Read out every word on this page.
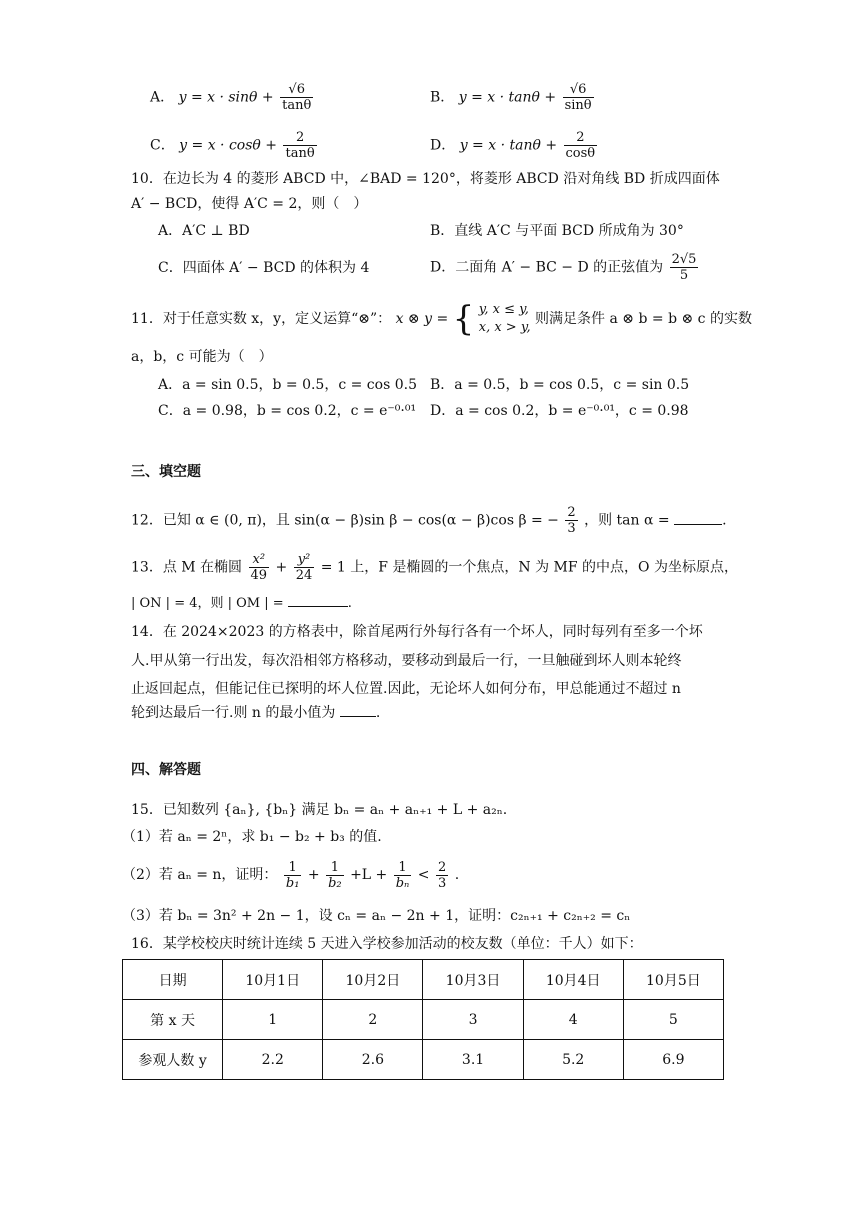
A． $y = x \cdot \sin\theta + \frac{√6}{\tan\theta}$	B． $y = x \cdot \tan\theta + \frac{√6}{\sin\theta}$
C． $y = x \cdot \cos\theta + \frac{2}{\tan\theta}$	D． $y = x \cdot \tan\theta + \frac{2}{\cos\theta}$
10．在边长为 4 的菱形 ABCD 中，∠BAD = 120°，将菱形 ABCD 沿对角线 BD 折成四面体
A′ − BCD，使得 A′C = 2，则（　）
A．A′C ⊥ BD	B．直线 A′C 与平面 BCD 所成角为 30°
C．四面体 A′ − BCD 的体积为 4	D．二面角 A′ − BC − D 的正弦值为 $\frac{2√5}{5}$
11．对于任意实数 x，y，定义运算“⊗”： x ⊗ y = { y, x ≤ y,
x, x > y,
则满足条件 a ⊗ b = b ⊗ c 的实数
a，b，c 可能为（　）
A．a = sin 0.5，b = 0.5，c = cos 0.5 B．a = 0.5，b = cos 0.5，c = sin 0.5
C．a = 0.98，b = cos 0.2，c = e⁻⁰·⁰¹ D．a = cos 0.2，b = e⁻⁰·⁰¹，c = 0.98
三、填空题
12．已知 α ∈ (0, π)，且 sin(α − β)sin β − cos(α − β)cos β = − $\frac{2}{3}$ ，则 tan α =	.
13．点 M 在椭圆 $\frac{\text{x²}}{49} + \frac{\text{y²}}{24} = 1$ 上，F 是椭圆的一个焦点，N 为 MF 的中点，O 为坐标原点，
| ON | = 4，则 | OM | =	.
14．在 2024×2023 的方格表中，除首尾两行外每行各有一个坏人，同时每列有至多一个坏
人.甲从第一行出发，每次沿相邻方格移动，要移动到最后一行，一旦触碰到坏人则本轮终
止返回起点，但能记住已探明的坏人位置.因此，无论坏人如何分布，甲总能通过不超过 n
轮到达最后一行.则 n 的最小值为	.
四、解答题
15．已知数列 {aₙ}, {bₙ} 满足 bₙ = aₙ + aₙ₊₁ + L + a₂ₙ.
（1）若 aₙ = 2ⁿ，求 b₁ − b₂ + b₃ 的值.
（2）若 aₙ = n，证明： $\frac{1}{\text{b₁}} + \frac{1}{\text{b₂}} +L + \frac{1}{\text{bₙ}} < \frac{2}{3}$ .
（3）若 bₙ = 3n² + 2n − 1，设 cₙ = aₙ − 2n + 1，证明：c₂ₙ₊₁ + c₂ₙ₊₂ = cₙ
16．某学校校庆时统计连续 5 天进入学校参加活动的校友数（单位：千人）如下：
日期	10月1日	10月2日	10月3日	10月4日	10月5日
第 x 天	1	2	3	4	5
参观人数 y	2.2	2.6	3.1	5.2	6.9
